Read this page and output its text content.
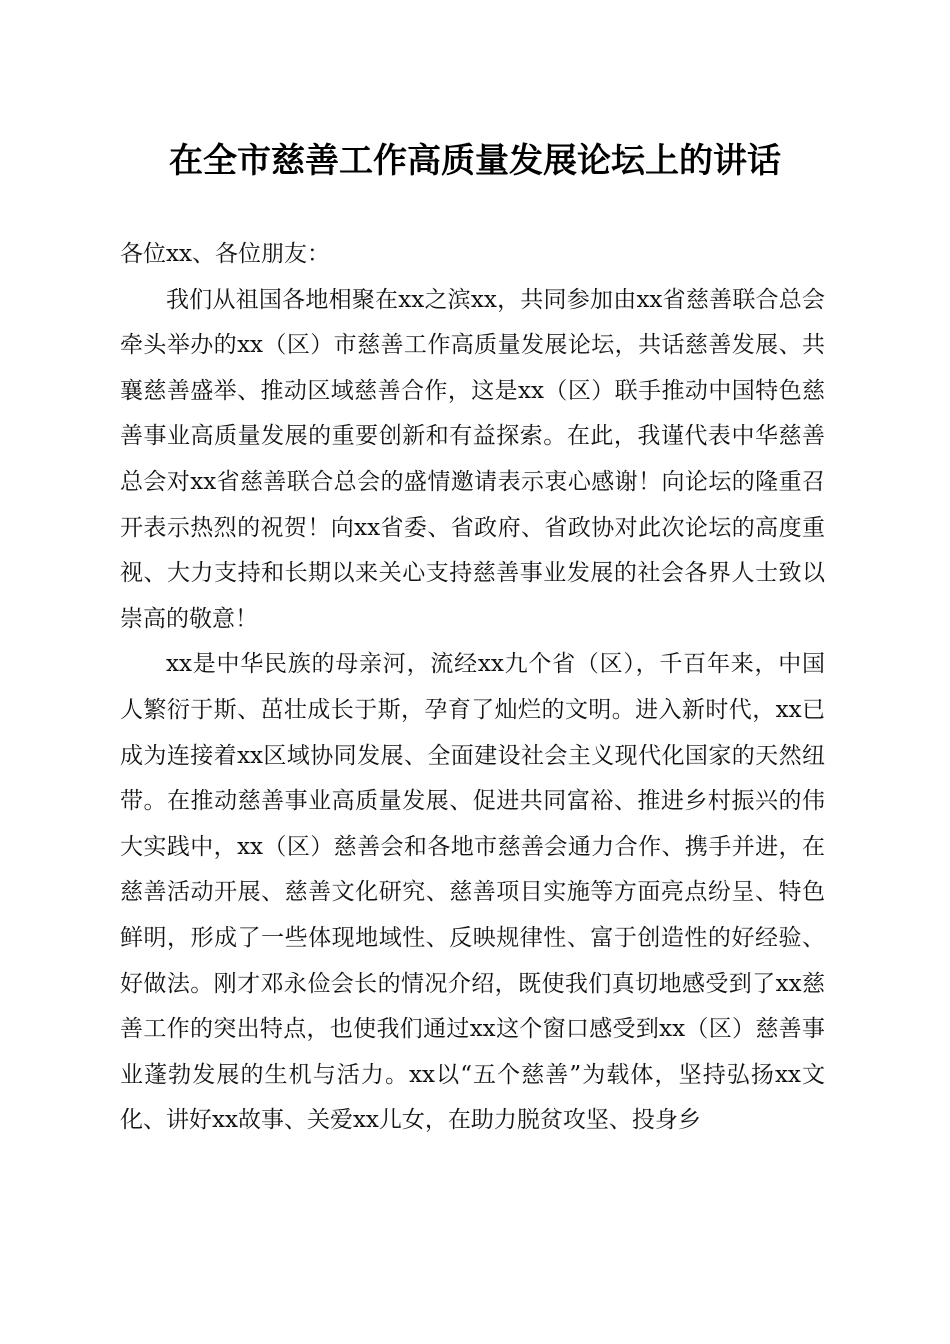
在全市慈善工作高质量发展论坛上的讲话

各位xx、各位朋友：

我们从祖国各地相聚在xx之滨xx，共同参加由xx省慈善联合总会牵头举办的xx（区）市慈善工作高质量发展论坛，共话慈善发展、共襄慈善盛举、推动区域慈善合作，这是xx（区）联手推动中国特色慈善事业高质量发展的重要创新和有益探索。在此，我谨代表中华慈善总会对xx省慈善联合总会的盛情邀请表示衷心感谢！向论坛的隆重召开表示热烈的祝贺！向xx省委、省政府、省政协对此次论坛的高度重视、大力支持和长期以来关心支持慈善事业发展的社会各界人士致以崇高的敬意！

xx是中华民族的母亲河，流经xx九个省（区），千百年来，中国人繁衍于斯、茁壮成长于斯，孕育了灿烂的文明。进入新时代，xx已成为连接着xx区域协同发展、全面建设社会主义现代化国家的天然纽带。在推动慈善事业高质量发展、促进共同富裕、推进乡村振兴的伟大实践中，xx（区）慈善会和各地市慈善会通力合作、携手并进，在慈善活动开展、慈善文化研究、慈善项目实施等方面亮点纷呈、特色鲜明，形成了一些体现地域性、反映规律性、富于创造性的好经验、好做法。刚才邓永俭会长的情况介绍，既使我们真切地感受到了xx慈善工作的突出特点，也使我们通过xx这个窗口感受到xx（区）慈善事业蓬勃发展的生机与活力。xx以“五个慈善”为载体，坚持弘扬xx文化、讲好xx故事、关爱xx儿女，在助力脱贫攻坚、投身乡
